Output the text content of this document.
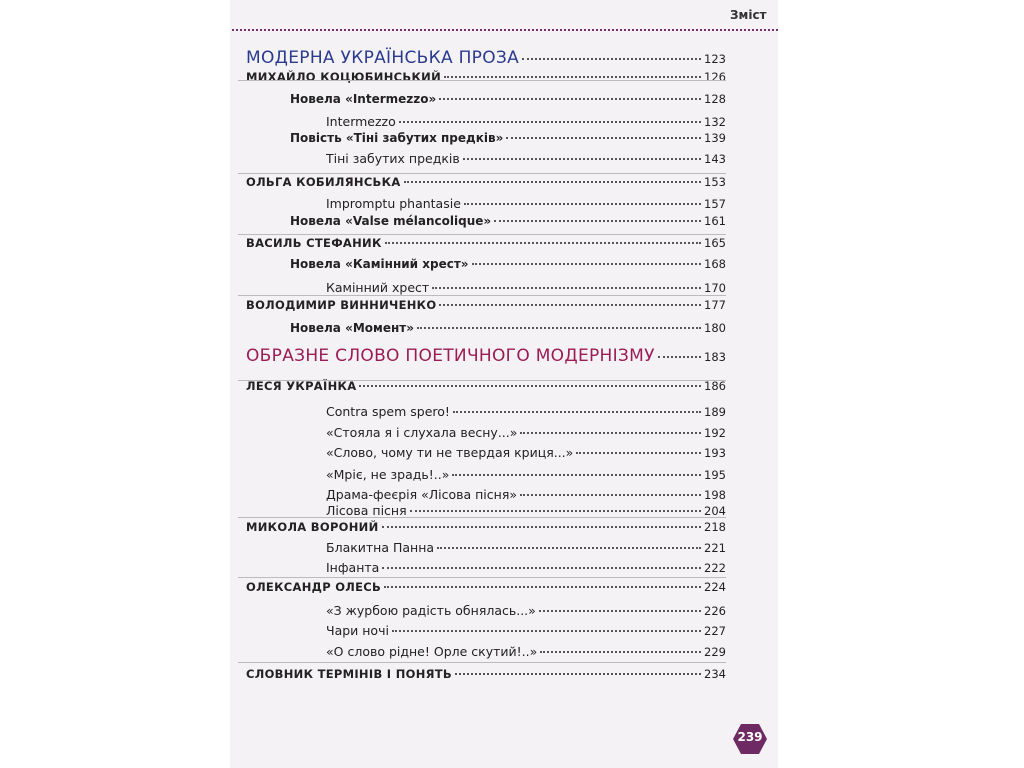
Зміст
МОДЕРНА УКРАЇНСЬКА ПРОЗА	123
МИХАЙЛО КОЦЮБИНСЬКИЙ	126
Новела «Intermezzo»	128
Intermezzo	132
Повість «Тіні забутих предків»	139
Тіні забутих предків	143
ОЛЬГА КОБИЛЯНСЬКА	153
Impromptu phantasie	157
Новела «Valse mélancolique»	161
ВАСИЛЬ СТЕФАНИК	165
Новела «Камінний хрест»	168
Камінний хрест	170
ВОЛОДИМИР ВИННИЧЕНКО	177
Новела «Момент»	180
ОБРАЗНЕ СЛОВО ПОЕТИЧНОГО МОДЕРНІЗМУ	183
ЛЕСЯ УКРАЇНКА	186
Contra spem spero!	189
«Стояла я і слухала весну...»	192
«Слово, чому ти не твердая криця...»	193
«Мріє, не зрадь!..»	195
Драма-феєрія «Лісова пісня»	198
Лісова пісня	204
МИКОЛА ВОРОНИЙ	218
Блакитна Панна	221
Інфанта	222
ОЛЕКСАНДР ОЛЕСЬ	224
«З журбою радість обнялась...»	226
Чари ночі	227
«О слово рідне! Орле скутий!..»	229
СЛОВНИК ТЕРМІНІВ І ПОНЯТЬ	234
239
